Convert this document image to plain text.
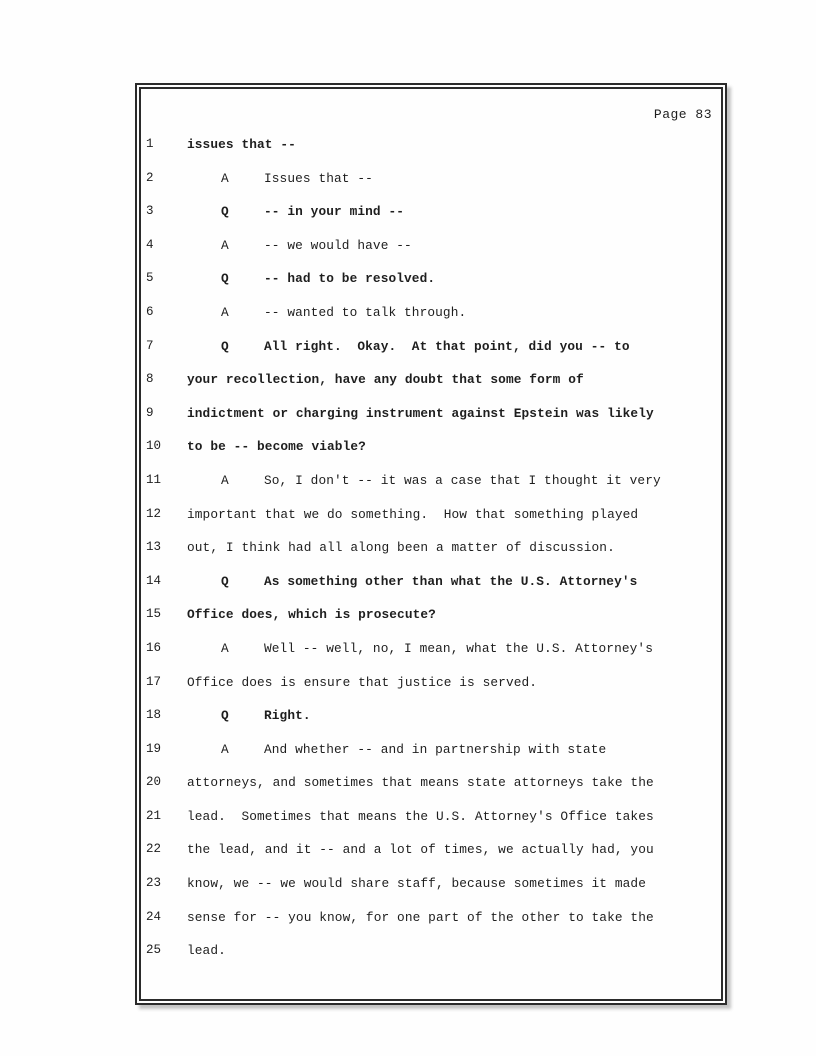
Page 83
1	issues that --
2	A	Issues that --
3	Q	-- in your mind --
4	A	-- we would have --
5	Q	-- had to be resolved.
6	A	-- wanted to talk through.
7	Q	All right.  Okay.  At that point, did you -- to
8	your recollection, have any doubt that some form of
9	indictment or charging instrument against Epstein was likely
10	to be -- become viable?
11	A	So, I don't -- it was a case that I thought it very
12	important that we do something.  How that something played
13	out, I think had all along been a matter of discussion.
14	Q	As something other than what the U.S. Attorney's
15	Office does, which is prosecute?
16	A	Well -- well, no, I mean, what the U.S. Attorney's
17	Office does is ensure that justice is served.
18	Q	Right.
19	A	And whether -- and in partnership with state
20	attorneys, and sometimes that means state attorneys take the
21	lead.  Sometimes that means the U.S. Attorney's Office takes
22	the lead, and it -- and a lot of times, we actually had, you
23	know, we -- we would share staff, because sometimes it made
24	sense for -- you know, for one part of the other to take the
25	lead.
